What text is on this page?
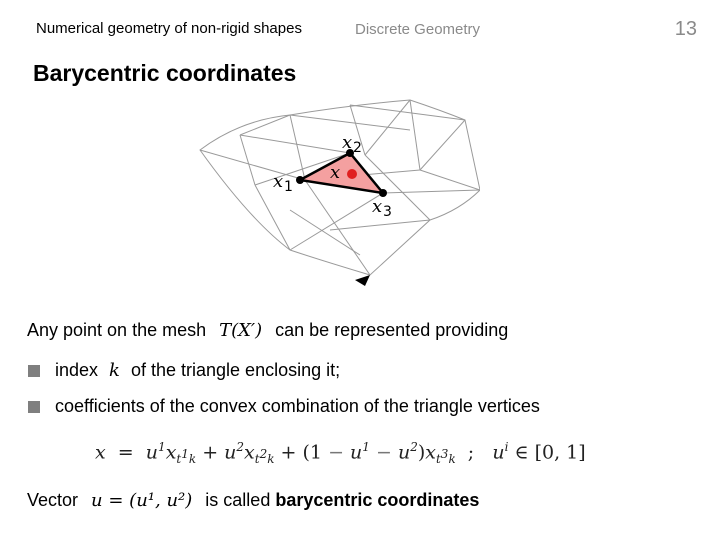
Numerical geometry of non-rigid shapes	Discrete Geometry	13
Barycentric coordinates
x 1
x 2
x 3
x
Any point on the mesh T(X′) can be represented providing
index k of the triangle enclosing it;
coefficients of the convex combination of the triangle vertices
$x = u^1x_{t^1k} + u^2x_{t^2k} + (1 - u^1 - u^2)x_{t^3k}$  ;   $u^i$ ∈ [0, 1]
Vector u = (u¹, u²) is called barycentric coordinates
